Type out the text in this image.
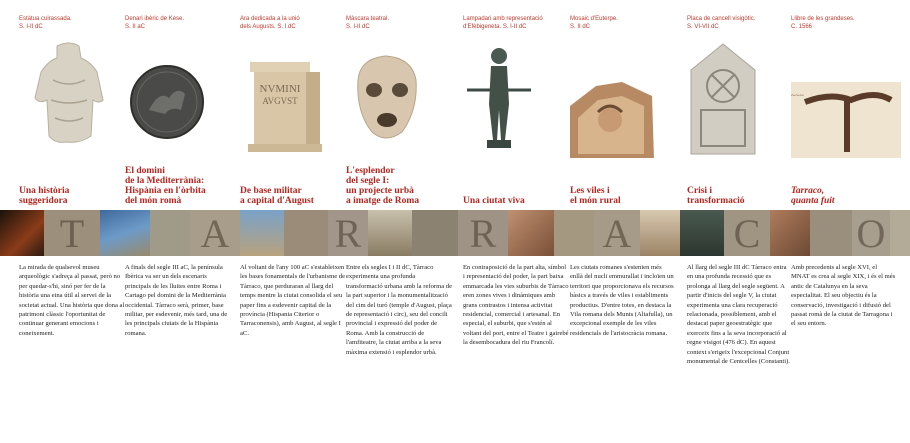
Estàtua cuirassada.
S. I-II dC
Una història
suggeridora
La mirada de qualsevol museu arqueològic s'adreça al passat, però no per quedar-s'hi, sinó per fer de la història una eina útil al servei de la societat actual. Una història que dona al patrimoni clàssic l'oportunitat de continuar generant emocions i coneixement.
Denari ibèric de Kese.
S. II aC
El domini
de la Mediterrània:
Hispània en l'òrbita
del món romà
A finals del segle III aC, la península Ibèrica va ser un dels escenaris principals de les lluites entre Roma i Cartago pel domini de la Mediterrània occidental. Tàrraco serà, primer, base militar, per esdevenir, més tard, una de les principals ciutats de la Hispània romana.
Ara dedicada a la unió
dels Augusts. S. I dC
NVMINI
AVGVST
De base militar
a capital d'August
Al voltant de l'any 100 aC s'estableixen les bases fonamentals de l'urbanisme de Tàrraco, que perduraran al llarg del temps mentre la ciutat consolida el seu paper fins a esdevenir capital de la província (Hispania Citerior o Tarraconensis), amb August, al segle I aC.
Màscara teatral.
S. I-II dC
L'esplendor
del segle I:
un projecte urbà
a imatge de Roma
Entre els segles I i II dC, Tàrraco experimenta una profunda transformació urbana amb la reforma de la part superior i la monumentalització del cim del turó (temple d'August, plaça de representació i circ), seu del concili provincial i expressió del poder de Roma. Amb la construcció de l'amfiteatre, la ciutat arriba a la seva màxima extensió i esplendor urbà.
Lampadari amb representació
d'Efèbigeneta. S. I-II dC
Una ciutat viva
En contraposició de la part alta, símbol i representació del poder, la part baixa emmarcada les vies suburbis de Tàrraco eren zones vives i dinàmiques amb grans contrastos i intensa activitat residencial, comercial i artesanal. En especial, el suburbi, que s'estén al voltant del port, entre el Teatre i gairebé la desembocadura del riu Francolí.
Mosaic d'Euterpe.
S. II dC
Les viles i
el món rural
Les ciutats romanes s'estenien més enllà del nucli emmurallat i incloïen un territori que proporcionava els recursos bàsics a través de viles i establiments productius. D'entre totes, en destaca la Vila romana dels Munts (Altafulla), un excepcional exemple de les viles residencials de l'aristocràcia romana.
Placa de cancell visigòtic.
S. VI-VII dC
Crisi i
transformació
Al llarg del segle III dC Tàrraco entra en una profunda recessió que es prolonga al llarg del segle següent. A partir d'inicis del segle V, la ciutat experimenta una clara recuperació relacionada, possiblement, amb el destacat paper geoestratègic que exerceix fins a la seva incorporació al regne visigot (476 dC). En aquest context s'erigeix l'excepcional Conjunt monumental de Centcelles (Constanti).
Llibre de les grandeses.
C. 1566
~~~
Tarraco,
quanta fuit
Amb precedents al segle XVI, el MNAT es crea al segle XIX, i és el més antic de Catalunya en la seva especialitat. El seu objectiu és la conservació, investigació i difusió del passat romà de la ciutat de Tarragona i el seu entorn.
T	A	R	R	A	C O
